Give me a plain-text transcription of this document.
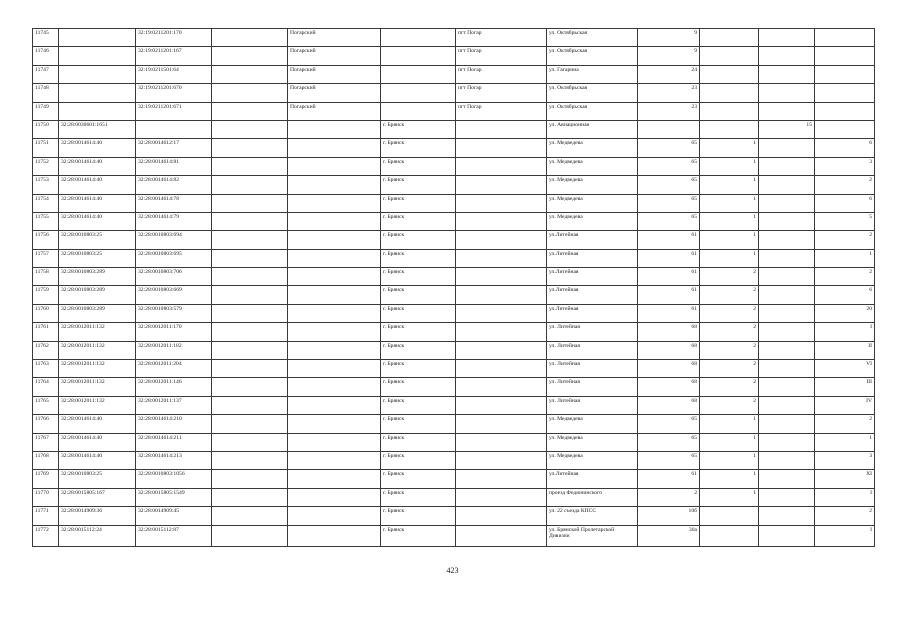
11745		32:19:0211201:170		Погарский		пгт Погар	ул. Октябрьская	9			
11746		32:19:0211201:167		Погарский		пгт Погар	ул. Октябрьская	9			
11747		32:19:0211501:64		Погарский		пгт Погар	ул. Гагарина	24			
11748		32:19:0211201:670		Погарский		пгт Погар	ул. Октябрьская	23			
11749		32:19:0211201:671		Погарский		пгт Погар	ул. Октябрьская	23			
11750	32:28:0030601:1651				г. Брянск		ул. Авиационная			15	
11751	32:28:0014614:40	32:28:0014612:17			г. Брянск		ул. Медведева	65	1		6
11752	32:28:0014614:40	32:28:0014614:81			г. Брянск		ул. Медведева	65	1		3
11753	32:28:0014614:40	32:28:0014614:82			г. Брянск		ул. Медведева	65	1		2
11754	32:28:0014614:40	32:28:0014614:78			г. Брянск		ул. Медведева	65	1		6
11755	32:28:0014614:40	32:28:0014614:79			г. Брянск		ул. Медведева	65	1		5
11756	32:28:0010803:25	32:28:0010803:694			г. Брянск		ул.Литейная	61	1		2
11757	32:28:0010803:25	32:28:0010803:695			г. Брянск		ул.Литейная	61	1		1
11758	32:28:0010803:289	32:28:0010803:706			г. Брянск		ул.Литейная	61	2		2
11759	32:28:0010803:289	32:28:0010803:669			г. Брянск		ул.Литейная	61	2		6
11760	32:28:0010803:289	32:28:0010803:579			г. Брянск		ул.Литейная	61	2		20
11761	32:28:0012011:132	32:28:0012011:170			г. Брянск		ул. Литейная	68	2		I
11762	32:28:0012011:132	32:28:0012011:182			г. Брянск		ул. Литейная	68	2		II
11763	32:28:0012011:132	32:28:0012011:204			г. Брянск		ул. Литейная	68	2		VI
11764	32:28:0012011:132	32:28:0012011:146			г. Брянск		ул. Литейная	68	2		III
11765	32:28:0012011:132	32:28:0012011:137			г. Брянск		ул. Литейная	68	2		IV
11766	32:28:0014614:40	32:28:0014614:210			г. Брянск		ул. Медведева	65	1		2
11767	32:28:0014614:40	32:28:0014614:211			г. Брянск		ул. Медведева	65	1		1
11768	32:28:0014614:40	32:28:0014614:213			г. Брянск		ул. Медведева	65	1		3
11769	32:28:0010803:25	32:28:0010803:1056			г. Брянск		ул.Литейная	61	1		XI
11770	32:28:0015805:167	32:28:0015805:1549			г. Брянск		проезд Федюнинского	2	1		I
11771	32:28:0014909:36	32:28:0014909:45			г. Брянск		ул. 22 съезда КПСС	10б			2
11772	32:28:0015112:24	32:28:0015112:87			г. Брянск		ул. Брянской Пролетарской Дивизии	30а			I
423
